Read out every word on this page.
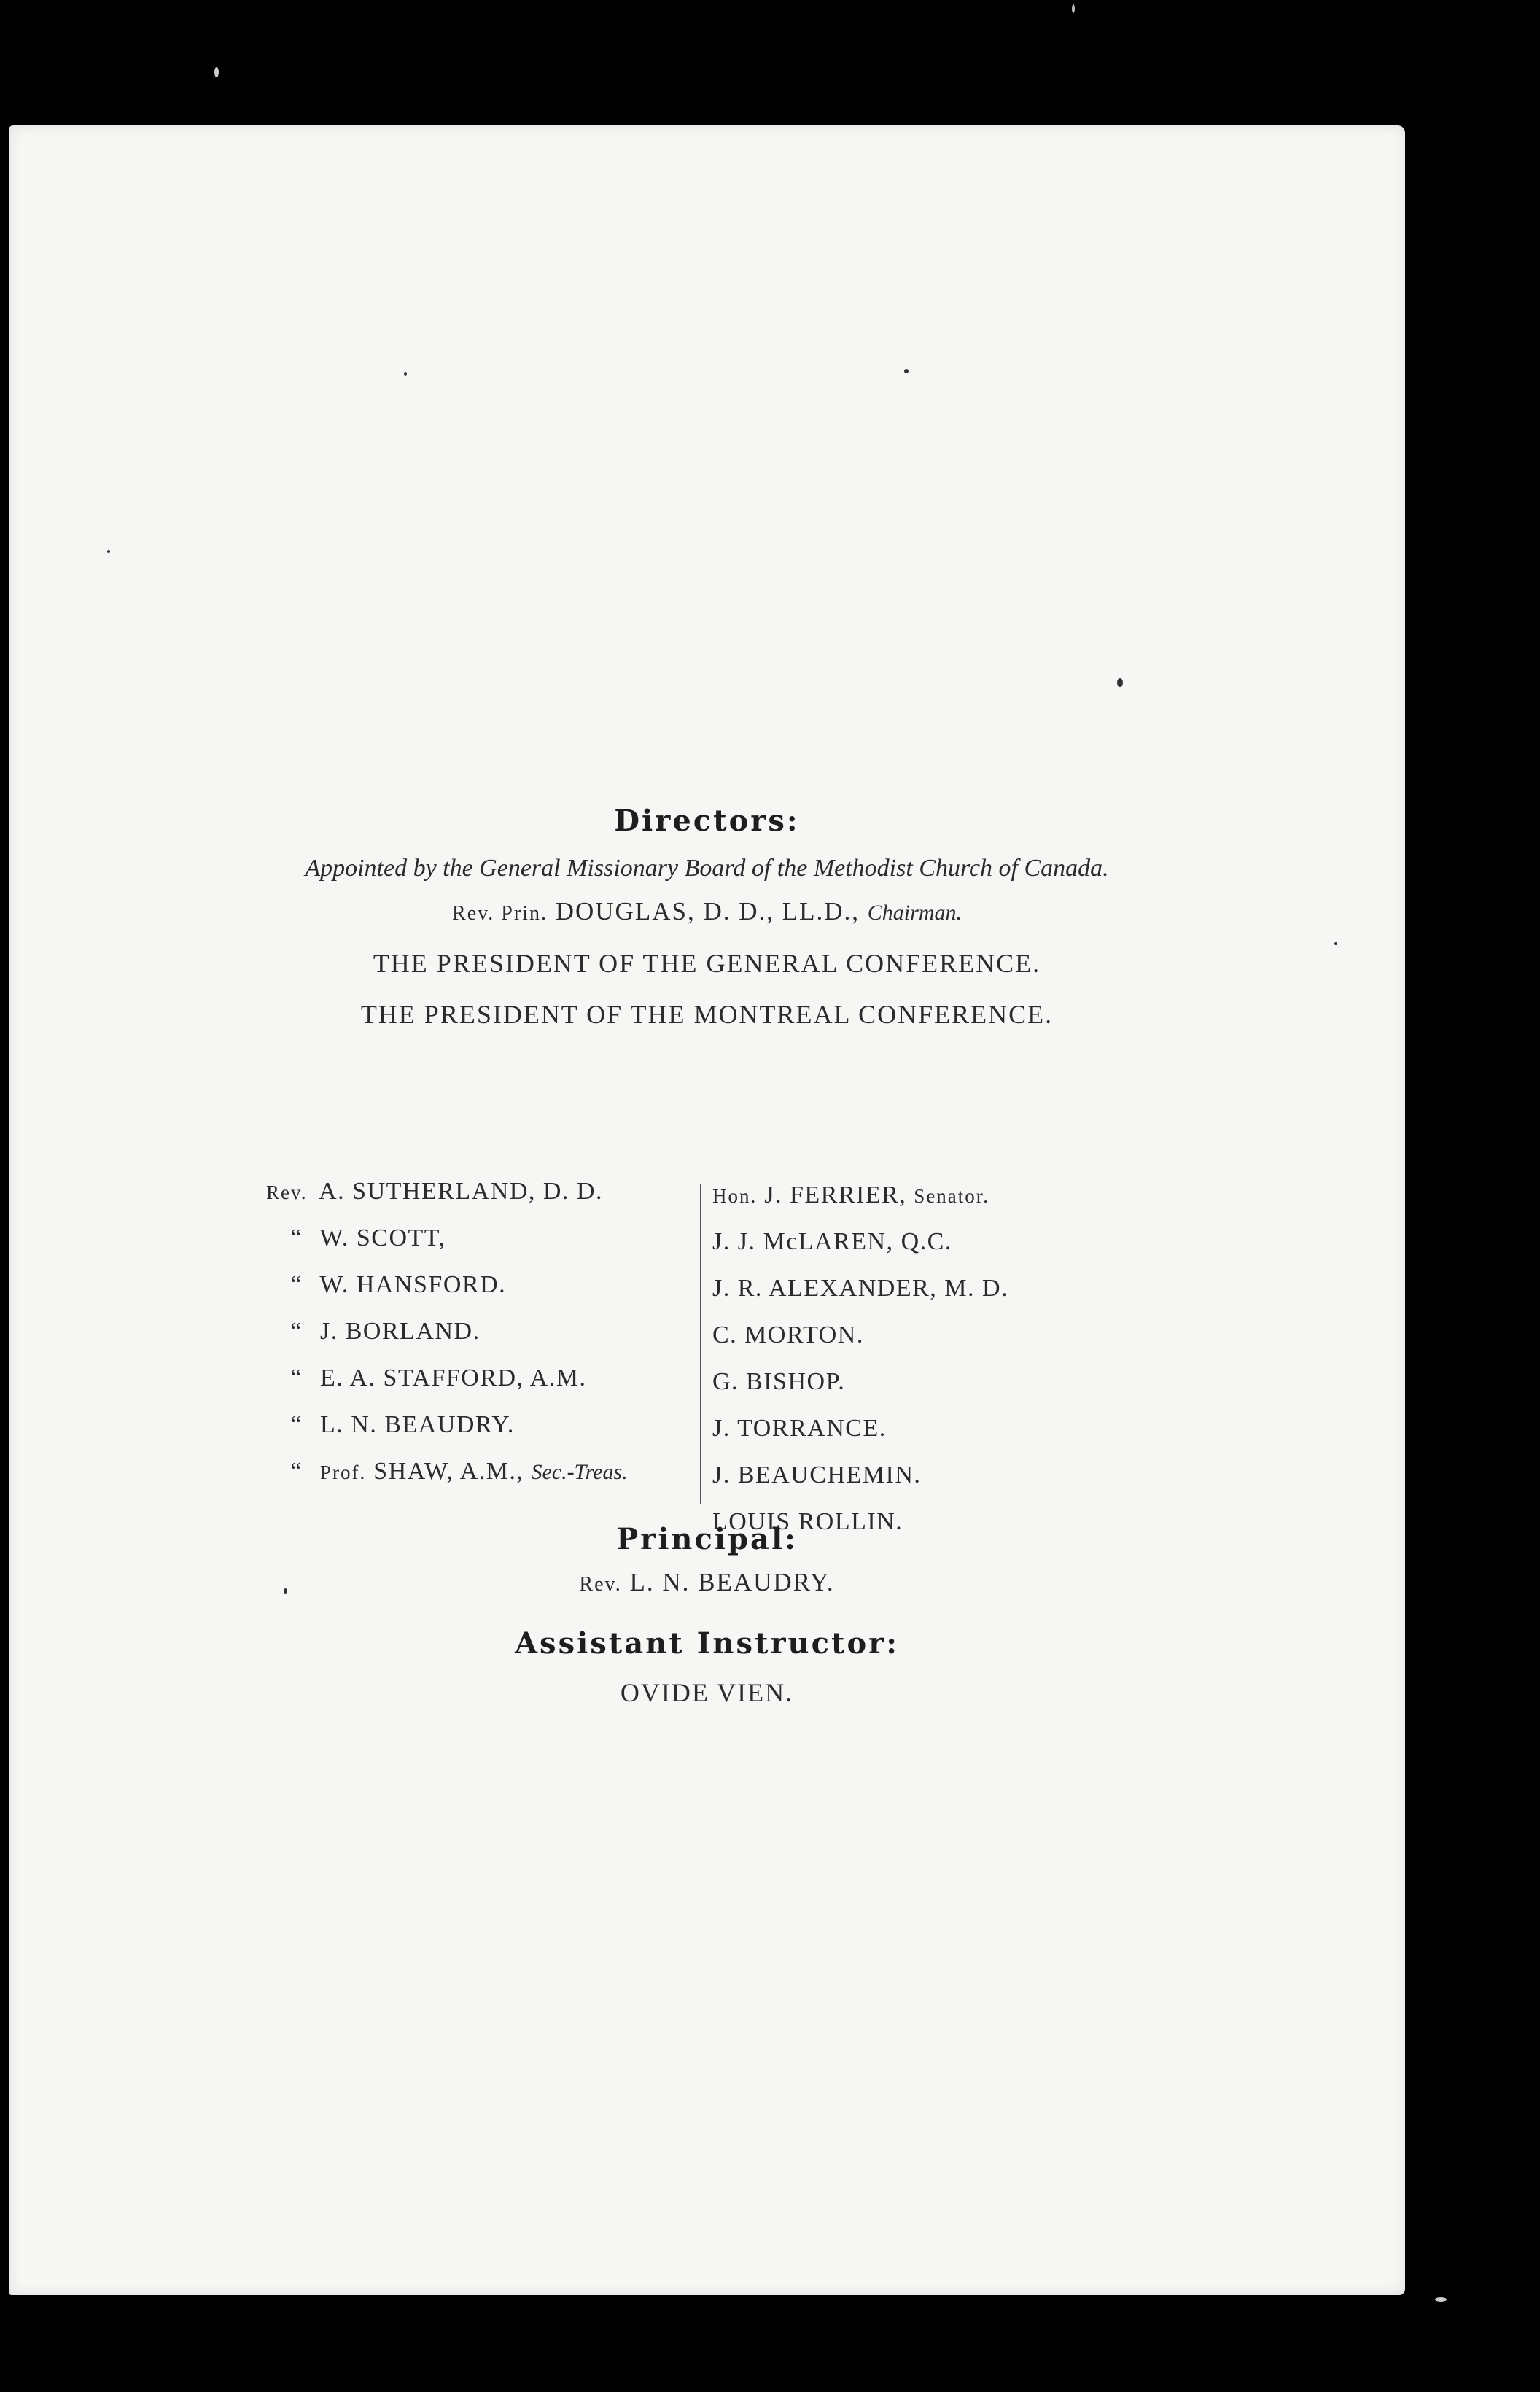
Directors:
Appointed by the General Missionary Board of the Methodist Church of Canada.
Rev. Prin. DOUGLAS, D. D., LL.D., Chairman.
THE PRESIDENT OF THE GENERAL CONFERENCE.
THE PRESIDENT OF THE MONTREAL CONFERENCE.
Rev. A. SUTHERLAND, D. D.
“ W. SCOTT,
“ W. HANSFORD.
“ J. BORLAND.
“ E. A. STAFFORD, A.M.
“ L. N. BEAUDRY.
“ Prof. SHAW, A.M., Sec.-Treas.
Hon. J. FERRIER, Senator.
J. J. McLAREN, Q.C.
J. R. ALEXANDER, M. D.
C. MORTON.
G. BISHOP.
J. TORRANCE.
J. BEAUCHEMIN.
LOUIS ROLLIN.
Principal:
Rev. L. N. BEAUDRY.
Assistant Instructor:
OVIDE VIEN.
